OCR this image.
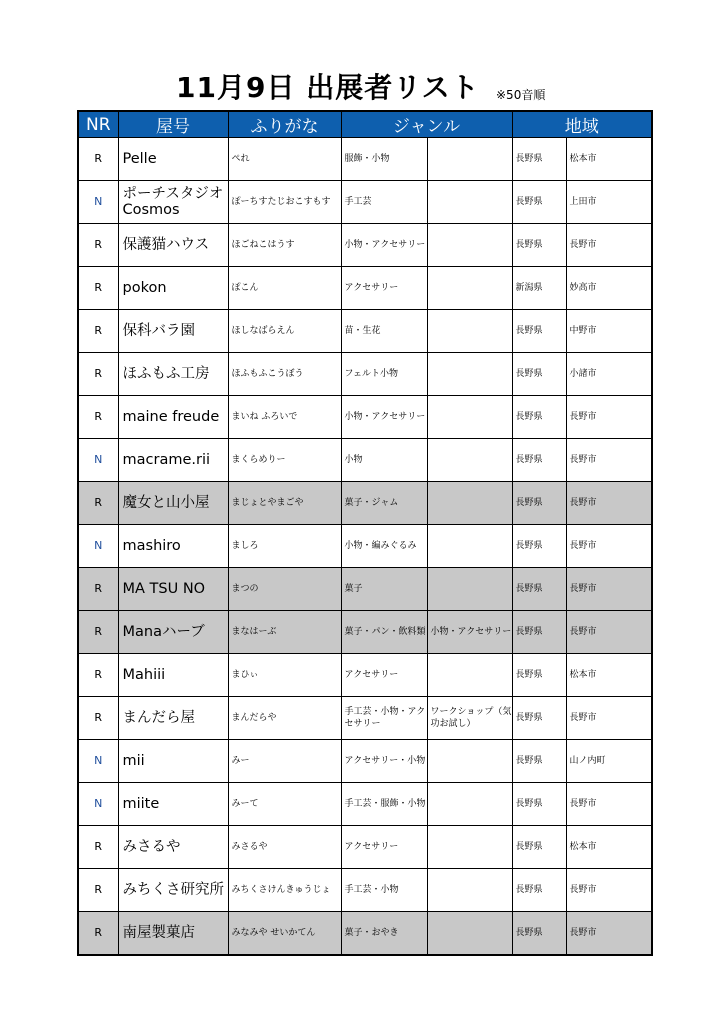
11月9日 出展者リスト ※50音順
NR	屋号	ふりがな	ジャンル		地域	
R	Pelle	ぺれ	服飾・小物		長野県	松本市
N	ポーチスタジオCosmos	ぽーちすたじおこすもす	手工芸		長野県	上田市
R	保護猫ハウス	ほごねこはうす	小物・アクセサリー		長野県	長野市
R	pokon	ぽこん	アクセサリー		新潟県	妙高市
R	保科バラ園	ほしなばらえん	苗・生花		長野県	中野市
R	ほふもふ工房	ほふもふこうぼう	フェルト小物		長野県	小諸市
R	maine freude	まいね ふろいで	小物・アクセサリー		長野県	長野市
N	macrame.rii	まくらめりー	小物		長野県	長野市
R	魔女と山小屋	まじょとやまごや	菓子・ジャム		長野県	長野市
N	mashiro	ましろ	小物・編みぐるみ		長野県	長野市
R	MA TSU NO	まつの	菓子		長野県	長野市
R	Manaハーブ	まなはーぶ	菓子・パン・飲料類	小物・アクセサリー	長野県	長野市
R	Mahiii	まひぃ	アクセサリー		長野県	松本市
R	まんだら屋	まんだらや	手工芸・小物・アクセサリー	ワークショップ（気功お試し）	長野県	長野市
N	mii	みー	アクセサリー・小物		長野県	山ノ内町
N	miite	みーて	手工芸・服飾・小物		長野県	長野市
R	みさるや	みさるや	アクセサリー		長野県	松本市
R	みちくさ研究所	みちくさけんきゅうじょ	手工芸・小物		長野県	長野市
R	南屋製菓店	みなみや せいかてん	菓子・おやき		長野県	長野市
